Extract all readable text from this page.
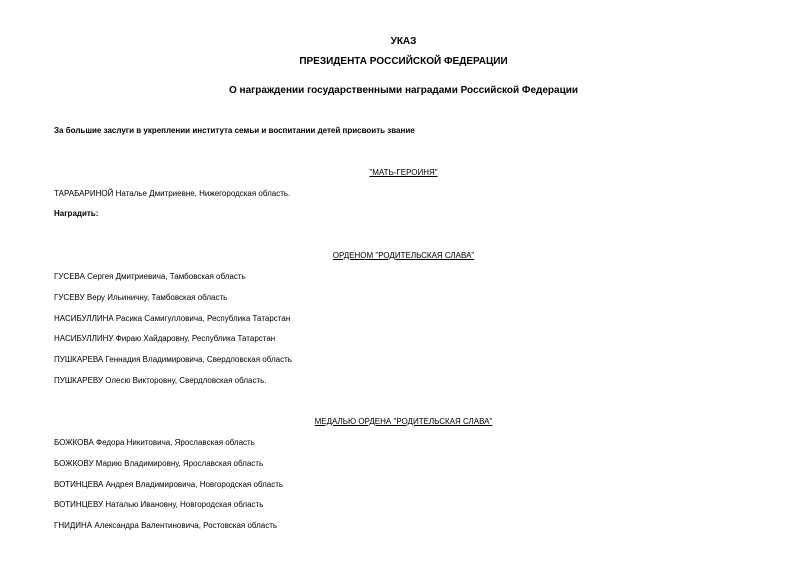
УКАЗ
ПРЕЗИДЕНТА РОССИЙСКОЙ ФЕДЕРАЦИИ
О награждении государственными наградами Российской Федерации
За большие заслуги в укреплении института семьи и воспитании детей присвоить звание
"МАТЬ-ГЕРОИНЯ"
ТАРАБАРИНОЙ Наталье Дмитриевне, Нижегородская область.
Наградить:
ОРДЕНОМ "РОДИТЕЛЬСКАЯ СЛАВА"
ГУСЕВА Сергея Дмитриевича, Тамбовская область
ГУСЕВУ Веру Ильиничну, Тамбовская область
НАСИБУЛЛИНА Расика Самигулловича, Республика Татарстан
НАСИБУЛЛИНУ Фираю Хайдаровну, Республика Татарстан
ПУШКАРЕВА Геннадия Владимировича, Свердловская область
ПУШКАРЕВУ Олесю Викторовну, Свердловская область.
МЕДАЛЬЮ ОРДЕНА "РОДИТЕЛЬСКАЯ СЛАВА"
БОЖКОВА Федора Никитовича, Ярославская область
БОЖКОВУ Марию Владимировну, Ярославская область
ВОТИНЦЕВА Андрея Владимировича, Новгородская область
ВОТИНЦЕВУ Наталью Ивановну, Новгородская область
ГНИДИНА Александра Валентиновича, Ростовская область
